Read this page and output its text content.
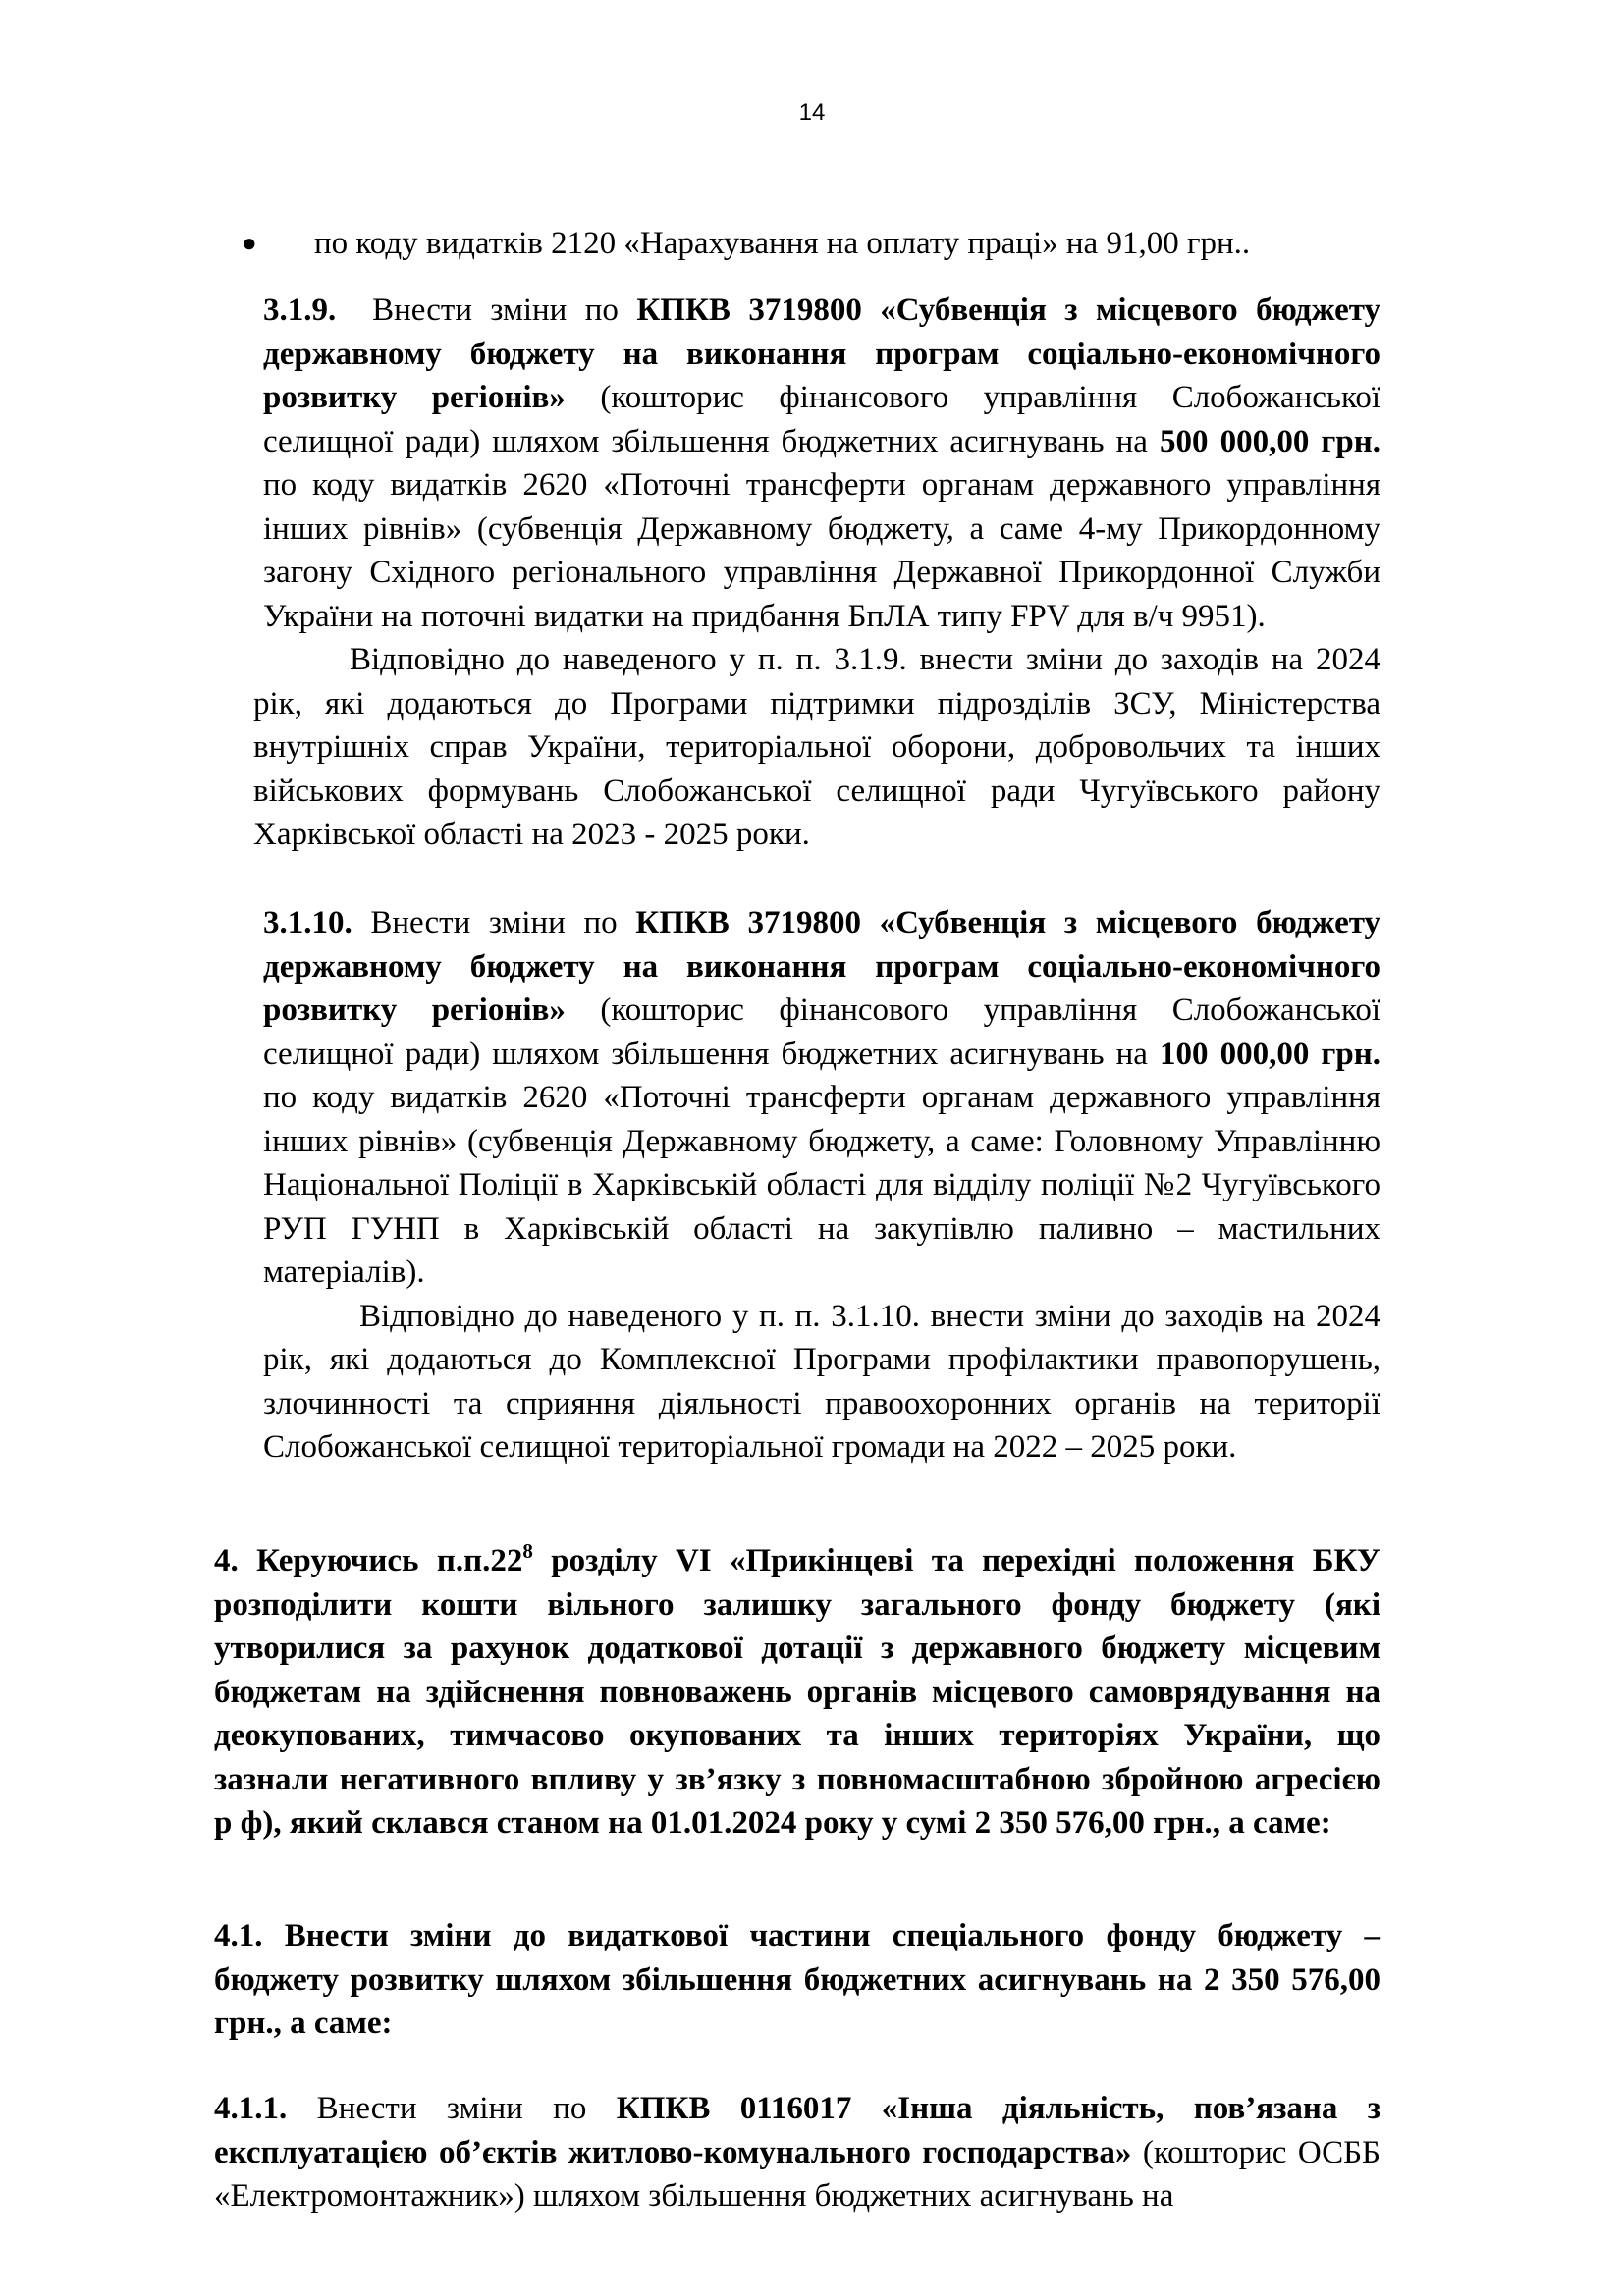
14
● по коду видатків 2120 «Нарахування на оплату праці» на 91,00 грн..

3.1.9. Внести зміни по КПКВ 3719800 «Субвенція з місцевого бюджету державному бюджету на виконання програм соціально-економічного розвитку регіонів» (кошторис фінансового управління Слобожанської селищної ради) шляхом збільшення бюджетних асигнувань на 500 000,00 грн. по коду видатків 2620 «Поточні трансферти органам державного управління інших рівнів» (субвенція Державному бюджету, а саме 4-му Прикордонному загону Східного регіонального управління Державної Прикордонної Служби України на поточні видатки на придбання БпЛА типу FPV для в/ч 9951).

Відповідно до наведеного у п. п. 3.1.9. внести зміни до заходів на 2024 рік, які додаються до Програми підтримки підрозділів ЗСУ, Міністерства внутрішніх справ України, територіальної оборони, добровольчих та інших військових формувань Слобожанської селищної ради Чугуївського району Харківської області на 2023 - 2025 роки.

3.1.10. Внести зміни по КПКВ 3719800 «Субвенція з місцевого бюджету державному бюджету на виконання програм соціально-економічного розвитку регіонів» (кошторис фінансового управління Слобожанської селищної ради) шляхом збільшення бюджетних асигнувань на 100 000,00 грн. по коду видатків 2620 «Поточні трансферти органам державного управління інших рівнів» (субвенція Державному бюджету, а саме: Головному Управлінню Національної Поліції в Харківській області для відділу поліції №2 Чугуївського РУП ГУНП в Харківській області на закупівлю паливно – мастильних матеріалів).

Відповідно до наведеного у п. п. 3.1.10. внести зміни до заходів на 2024 рік, які додаються до Комплексної Програми профілактики правопорушень, злочинності та сприяння діяльності правоохоронних органів на території Слобожанської селищної територіальної громади на 2022 – 2025 роки.

4. Керуючись $п.п.22^8$ розділу VI «Прикінцеві та перехідні положення БКУ розподілити кошти вільного залишку загального фонду бюджету (які утворилися за рахунок додаткової дотації з державного бюджету місцевим бюджетам на здійснення повноважень органів місцевого самоврядування на деокупованих, тимчасово окупованих та інших територіях України, що зазнали негативного впливу у зв’язку з повномасштабною збройною агресією р ф), який склався станом на 01.01.2024 року у сумі 2 350 576,00 грн., а саме:

4.1. Внести зміни до видаткової частини спеціального фонду бюджету – бюджету розвитку шляхом збільшення бюджетних асигнувань на 2 350 576,00 грн., а саме:

4.1.1. Внести зміни по КПКВ 0116017 «Інша діяльність, пов’язана з експлуатацією об’єктів житлово-комунального господарства» (кошторис ОСББ «Електромонтажник») шляхом збільшення бюджетних асигнувань на
